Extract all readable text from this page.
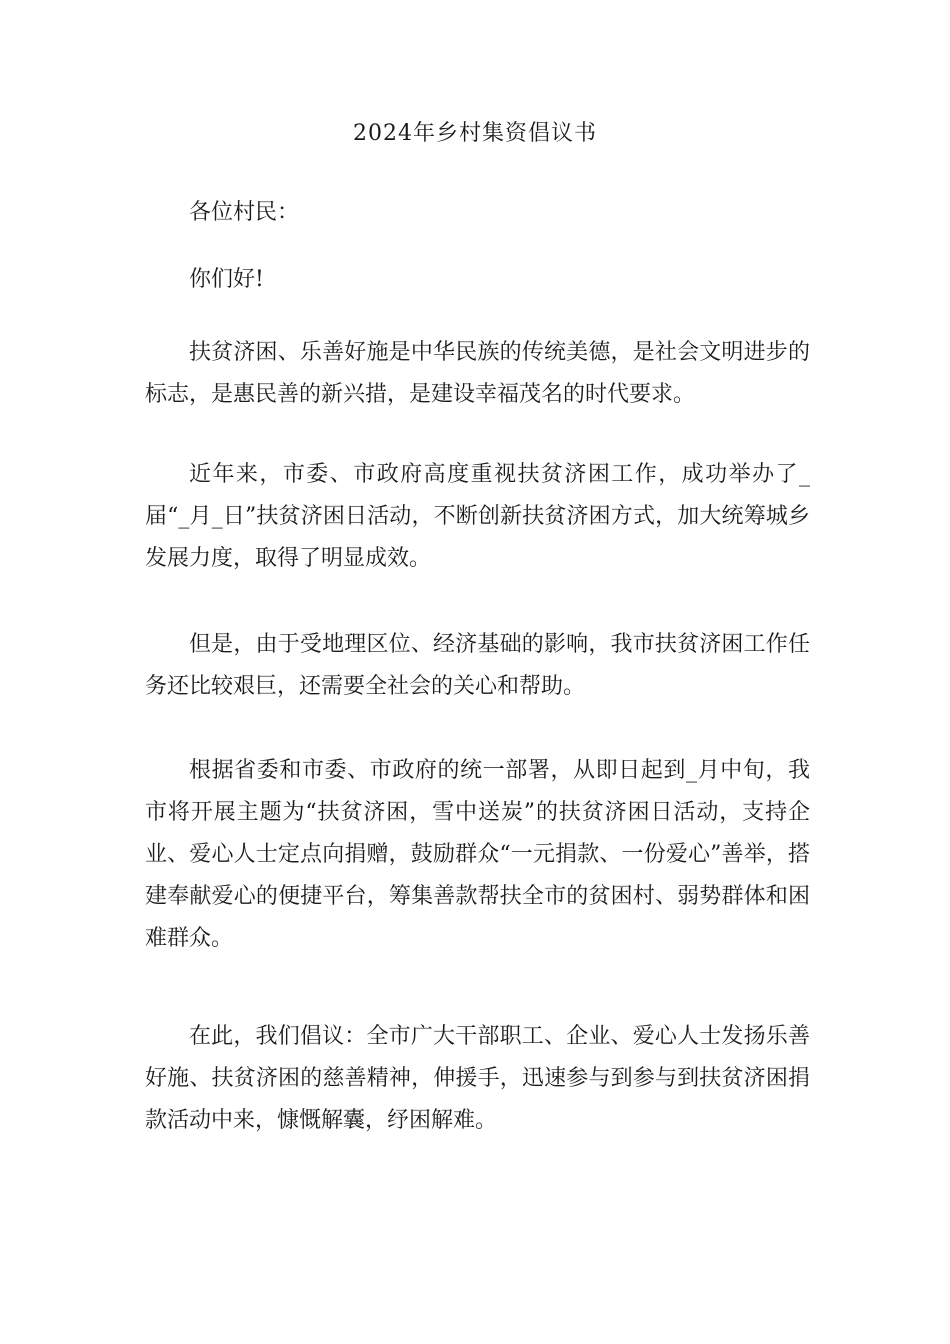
2024年乡村集资倡议书

各位村民：

你们好!

扶贫济困、乐善好施是中华民族的传统美德，是社会文明进步的标志，是惠民善的新兴措，是建设幸福茂名的时代要求。

近年来，市委、市政府高度重视扶贫济困工作，成功举办了_届“_月_日”扶贫济困日活动，不断创新扶贫济困方式，加大统筹城乡发展力度，取得了明显成效。

但是，由于受地理区位、经济基础的影响，我市扶贫济困工作任务还比较艰巨，还需要全社会的关心和帮助。

根据省委和市委、市政府的统一部署，从即日起到_月中旬，我市将开展主题为“扶贫济困，雪中送炭”的扶贫济困日活动，支持企业、爱心人士定点向捐赠，鼓励群众“一元捐款、一份爱心”善举，搭建奉献爱心的便捷平台，筹集善款帮扶全市的贫困村、弱势群体和困难群众。

在此，我们倡议：全市广大干部职工、企业、爱心人士发扬乐善好施、扶贫济困的慈善精神，伸援手，迅速参与到参与到扶贫济困捐款活动中来，慷慨解囊，纾困解难。
